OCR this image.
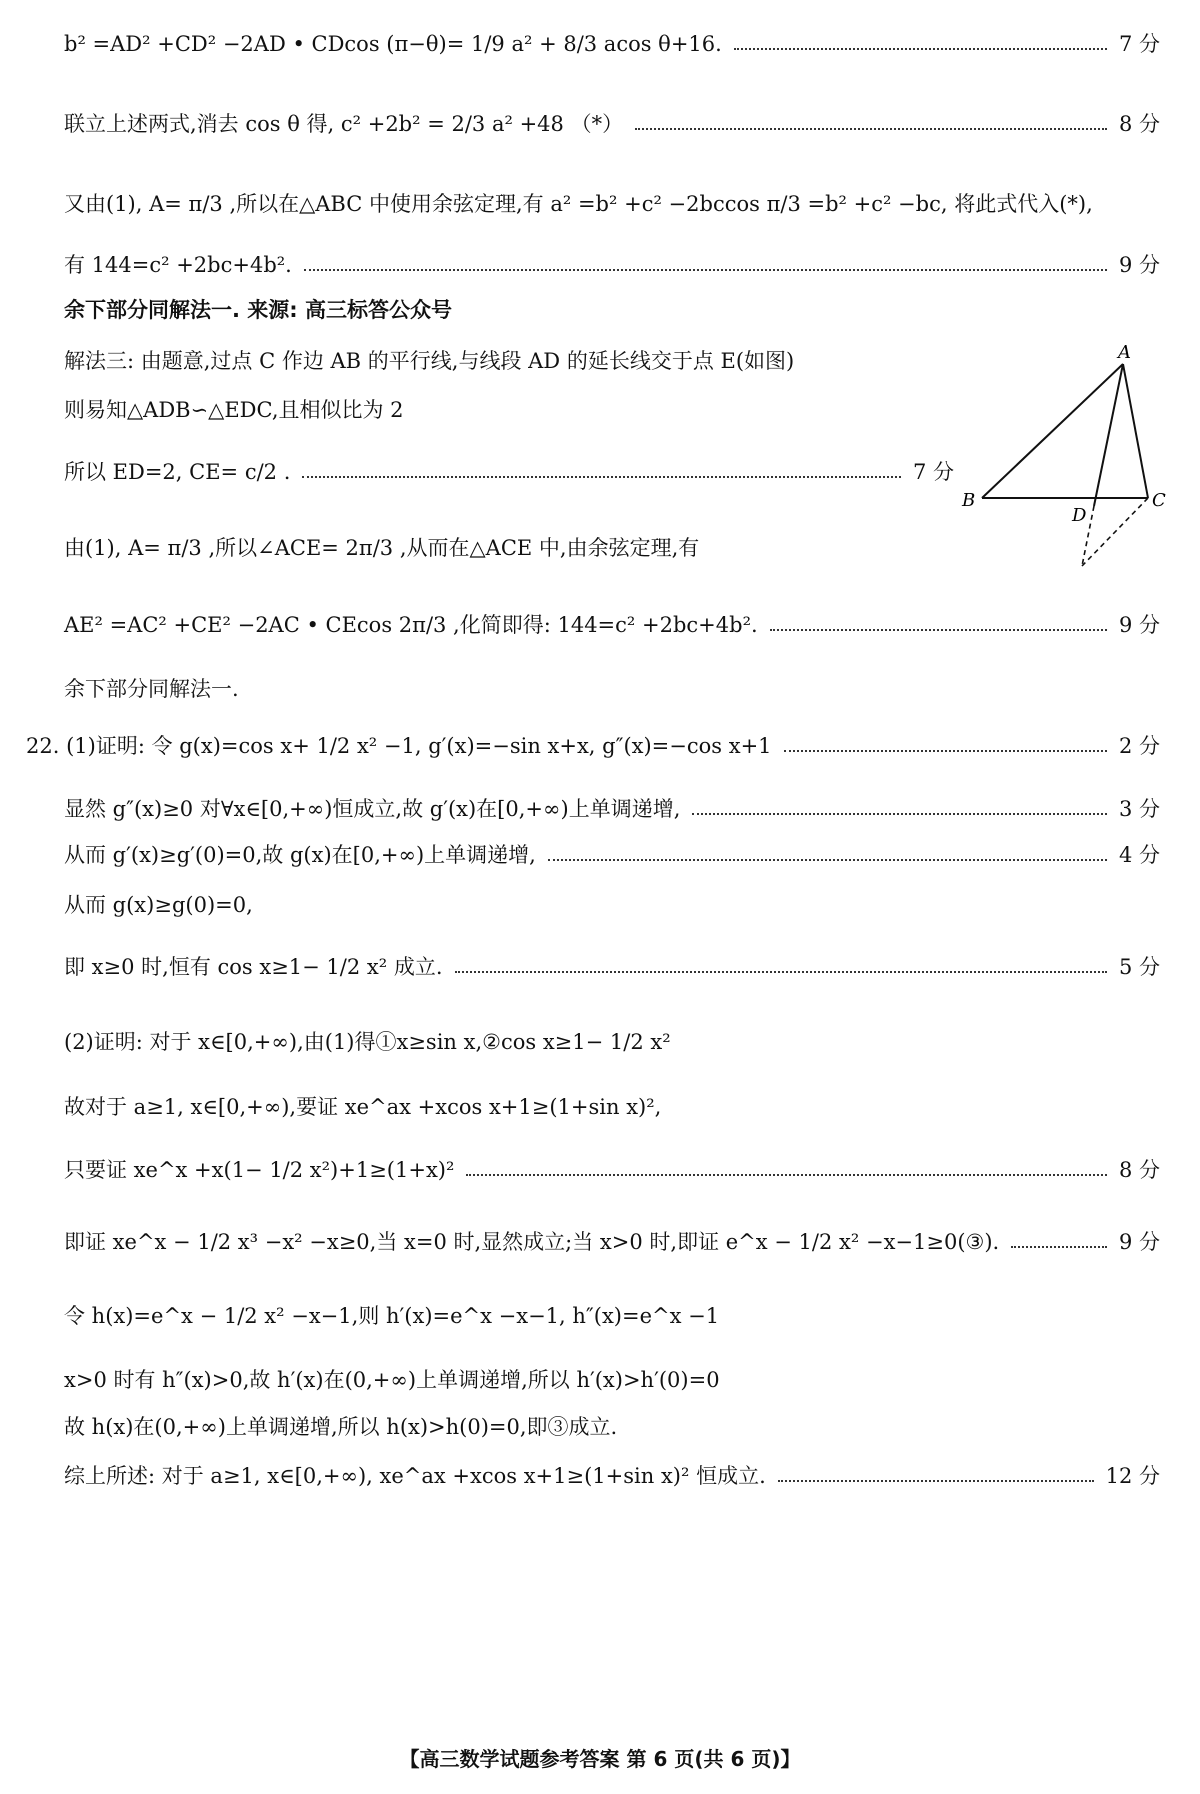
b² =AD² +CD² −2AD • CDcos (π−θ)= 1/9 a² + 8/3 acos θ+16.	7 分
联立上述两式,消去 cos θ 得, c² +2b² = 2/3 a² +48 （*）	8 分
又由(1), A= π/3 ,所以在△ABC 中使用余弦定理,有 a² =b² +c² −2bccos π/3 =b² +c² −bc, 将此式代入(*),
有 144=c² +2bc+4b².	9 分
余下部分同解法一. 来源: 高三标答公众号
解法三: 由题意,过点 C 作边 AB 的平行线,与线段 AD 的延长线交于点 E(如图)
则易知△ADB∽△EDC,且相似比为 2
所以 ED=2, CE= c/2 .	7 分
由(1), A= π/3 ,所以∠ACE= 2π/3 ,从而在△ACE 中,由余弦定理,有
AE² =AC² +CE² −2AC • CEcos 2π/3 ,化简即得: 144=c² +2bc+4b².	9 分
余下部分同解法一.
22. (1)证明: 令 g(x)=cos x+ 1/2 x² −1, g′(x)=−sin x+x, g″(x)=−cos x+1	2 分
显然 g″(x)≥0 对∀x∈[0,+∞)恒成立,故 g′(x)在[0,+∞)上单调递增,	3 分
从而 g′(x)≥g′(0)=0,故 g(x)在[0,+∞)上单调递增,	4 分
从而 g(x)≥g(0)=0,
即 x≥0 时,恒有 cos x≥1− 1/2 x² 成立.	5 分
(2)证明: 对于 x∈[0,+∞),由(1)得①x≥sin x,②cos x≥1− 1/2 x²
故对于 a≥1, x∈[0,+∞),要证 xe^ax +xcos x+1≥(1+sin x)²,
只要证 xe^x +x(1− 1/2 x²)+1≥(1+x)²	8 分
即证 xe^x − 1/2 x³ −x² −x≥0,当 x=0 时,显然成立;当 x>0 时,即证 e^x − 1/2 x² −x−1≥0(③).	9 分
令 h(x)=e^x − 1/2 x² −x−1,则 h′(x)=e^x −x−1, h″(x)=e^x −1
x>0 时有 h″(x)>0,故 h′(x)在(0,+∞)上单调递增,所以 h′(x)>h′(0)=0
故 h(x)在(0,+∞)上单调递增,所以 h(x)>h(0)=0,即③成立.
综上所述: 对于 a≥1, x∈[0,+∞), xe^ax +xcos x+1≥(1+sin x)² 恒成立.	12 分
A
B	C
D
【高三数学试题参考答案 第 6 页(共 6 页)】
